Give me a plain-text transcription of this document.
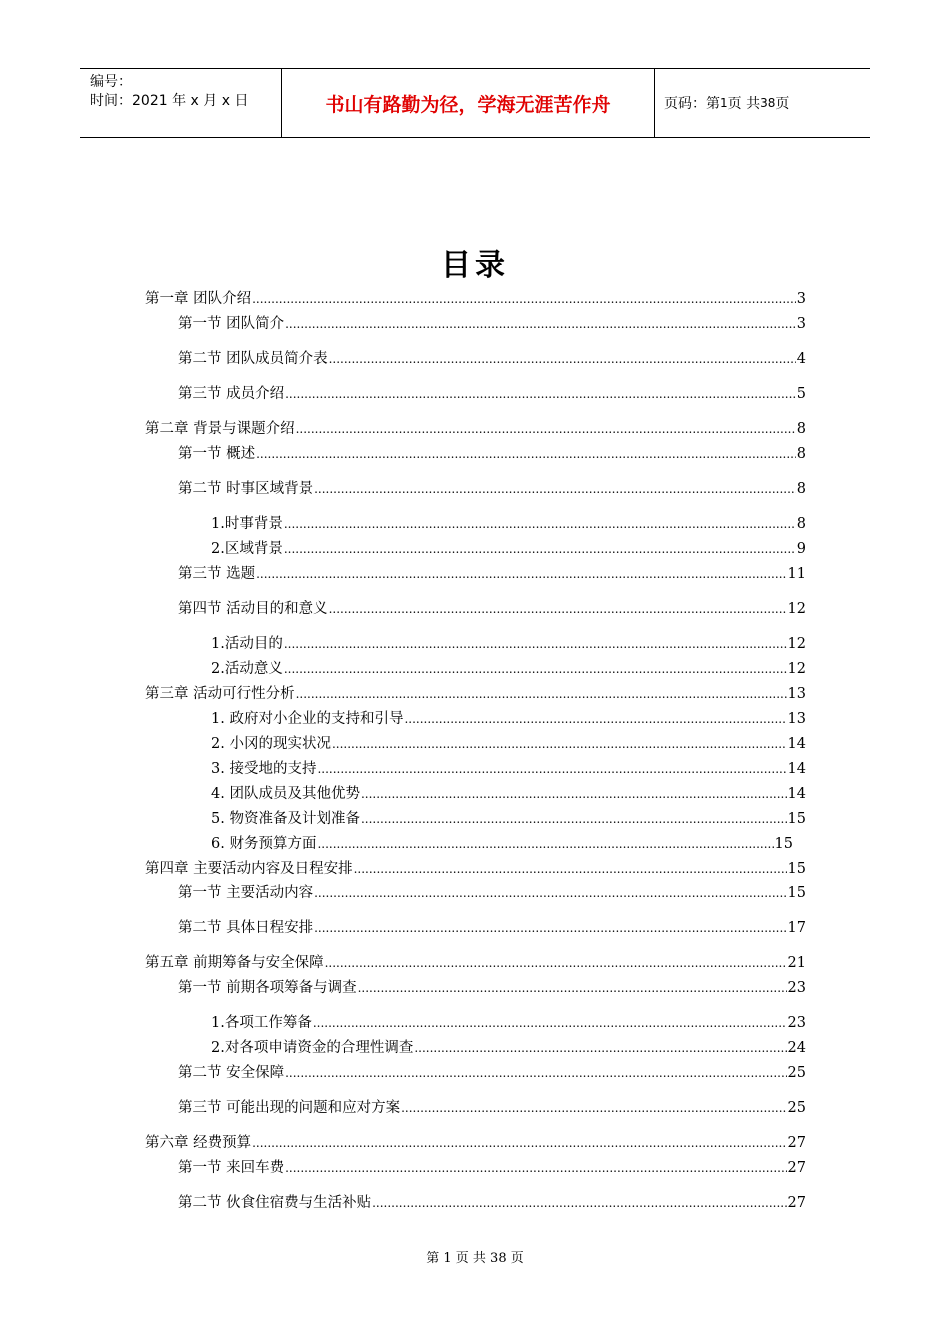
编号：
时间：2021 年 x 月 x 日	书山有路勤为径，学海无涯苦作舟	页码：第 1 页 共 38 页
目录
第一章 团队介绍 .....	3
第一节 团队简介 .....	3
第二节 团队成员简介表 .....	4
第三节 成员介绍 .....	5
第二章 背景与课题介绍 .....	8
第一节 概述 .....	8
第二节 时事区域背景 .....	8
1.时事背景 .....	8
2.区域背景 .....	9
第三节 选题 .....	11
第四节 活动目的和意义 .....	12
1.活动目的 .....	12
2.活动意义 .....	12
第三章 活动可行性分析 .....	13
1. 政府对小企业的支持和引导 .....	13
2. 小冈的现实状况 .....	14
3. 接受地的支持 .....	14
4. 团队成员及其他优势 .....	14
5. 物资准备及计划准备 .....	15
6. 财务预算方面 .....	15
第四章 主要活动内容及日程安排 .....	15
第一节 主要活动内容 .....	15
第二节 具体日程安排 .....	17
第五章 前期筹备与安全保障 .....	21
第一节 前期各项筹备与调查 .....	23
1.各项工作筹备 .....	23
2.对各项申请资金的合理性调查 .....	24
第二节 安全保障 .....	25
第三节 可能出现的问题和应对方案 .....	25
第六章 经费预算 .....	27
第一节 来回车费 .....	27
第二节 伙食住宿费与生活补贴 .....	27
第 1 页 共 38 页
